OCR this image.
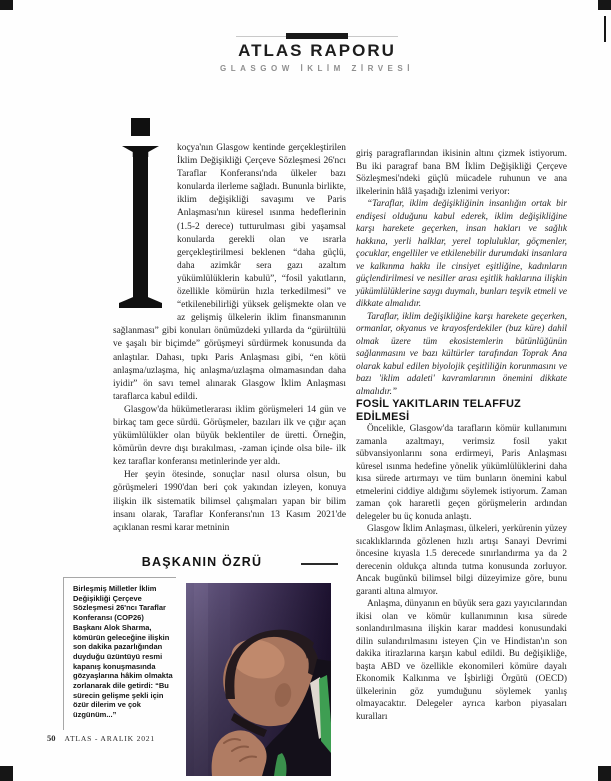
ATLAS RAPORU
GLASGOW İKLİM ZİRVESİ

koçya'nın Glasgow kentinde gerçekleştirilen İklim Değişikliği Çerçeve Sözleşmesi 26'ncı Taraflar Konferansı'nda ülkeler bazı konularda ilerleme sağladı. Bununla birlikte, iklim değişikliği savaşımı ve Paris Anlaşması'nın küresel ısınma hedeflerinin (1.5-2 derece) tutturulması gibi yaşamsal konularda gerekli olan ve ısrarla gerçekleştirilmesi beklenen “daha güçlü, daha azimkâr sera gazı azaltım yükümlülüklerin kabulü”, “fosil yakıtların, özellikle kömürün hızla terkedilmesi” ve “etkilenebilirliği yüksek gelişmekte olan ve az gelişmiş ülkelerin iklim finansmanının sağlanması” gibi konuları önümüzdeki yıllarda da “gürültülü ve şaşalı bir biçimde” görüşmeyi sürdürmek konusunda da anlaştılar. Dahası, tıpkı Paris Anlaşması gibi, “en kötü anlaşma/uzlaşma, hiç anlaşma/uzlaşma olmamasından daha iyidir” ön savı temel alınarak Glasgow İklim Anlaşması taraflarca kabul edildi.

Glasgow'da hükümetlerarası iklim görüşmeleri 14 gün ve birkaç tam gece sürdü. Görüşmeler, bazıları ilk ve çığır açan yükümlülükler olan büyük beklentiler de üretti. Örneğin, kömürün devre dışı bırakılması, -zaman içinde olsa bile- ilk kez taraflar konferansı metinlerinde yer aldı.

Her şeyin ötesinde, sonuçlar nasıl olursa olsun, bu görüşmeleri 1990'dan beri çok yakından izleyen, konuya ilişkin ilk sistematik bilimsel çalışmaları yapan bir bilim insanı olarak, Taraflar Konferansı'nın 13 Kasım 2021'de açıklanan resmi karar metninin

giriş paragraflarından ikisinin altını çizmek istiyorum. Bu iki paragraf bana BM İklim Değişikliği Çerçeve Sözleşmesi'ndeki güçlü mücadele ruhunun ve ana ilkelerinin hâlâ yaşadığı izlenimi veriyor:

“Taraflar, iklim değişikliğinin insanlığın ortak bir endişesi olduğunu kabul ederek, iklim değişikliğine karşı harekete geçerken, insan hakları ve sağlık hakkına, yerli halklar, yerel topluluklar, göçmenler, çocuklar, engelliler ve etkilenebilir durumdaki insanlara ve kalkınma hakkı ile cinsiyet eşitliğine, kadınların güçlendirilmesi ve nesiller arası eşitlik haklarına ilişkin yükümlülüklerine saygı duymalı, bunları teşvik etmeli ve dikkate almalıdır.

Taraflar, iklim değişikliğine karşı harekete geçerken, ormanlar, okyanus ve krayosferdekiler (buz küre) dahil olmak üzere tüm ekosistemlerin bütünlüğünün sağlanmasını ve bazı kültürler tarafından Toprak Ana olarak kabul edilen biyolojik çeşitliliğin korunmasını ve bazı 'iklim adaleti' kavramlarının önemini dikkate almalıdır.”

FOSİL YAKITLARIN TELAFFUZ EDİLMESİ

Öncelikle, Glasgow'da tarafların kömür kullanımını zamanla azaltmayı, verimsiz fosil yakıt sübvansiyonlarını sona erdirmeyi, Paris Anlaşması küresel ısınma hedefine yönelik yükümlülüklerini daha kısa sürede artırmayı ve tüm bunların önemini kabul etmelerini ciddiye aldığımı söylemek istiyorum. Zaman zaman çok hararetli geçen görüşmelerin ardından delegeler bu üç konuda anlaştı.

Glasgow İklim Anlaşması, ülkeleri, yerkürenin yüzey sıcaklıklarında gözlenen hızlı artışı Sanayi Devrimi öncesine kıyasla 1.5 derecede sınırlandırma ya da 2 derecenin oldukça altında tutma konusunda zorluyor. Ancak bugünkü bilimsel bilgi düzeyimize göre, bunu garanti altına almıyor.

Anlaşma, dünyanın en büyük sera gazı yayıcılarından ikisi olan ve kömür kullanımının kısa sürede sonlandırılmasına ilişkin karar maddesi konusundaki dilin sulandırılmasını isteyen Çin ve Hindistan'ın son dakika itirazlarına karşın kabul edildi. Bu değişikliğe, başta ABD ve özellikle ekonomileri kömüre dayalı Ekonomik Kalkınma ve İşbirliği Örgütü (OECD) ülkelerinin göz yumduğunu söylemek yanlış olmayacaktır. Delegeler ayrıca karbon piyasaları kuralları

BAŞKANIN ÖZRÜ
Birleşmiş Milletler İklim Değişikliği Çerçeve Sözleşmesi 26'ncı Taraflar Konferansı (COP26) Başkanı Alok Sharma, kömürün geleceğine ilişkin son dakika pazarlığından duyduğu üzüntüyü resmi kapanış konuşmasında gözyaşlarına hâkim olmakta zorlanarak dile getirdi: “Bu sürecin gelişme şekli için özür dilerim ve çok üzgünüm...”
50 ATLAS - ARALIK 2021
